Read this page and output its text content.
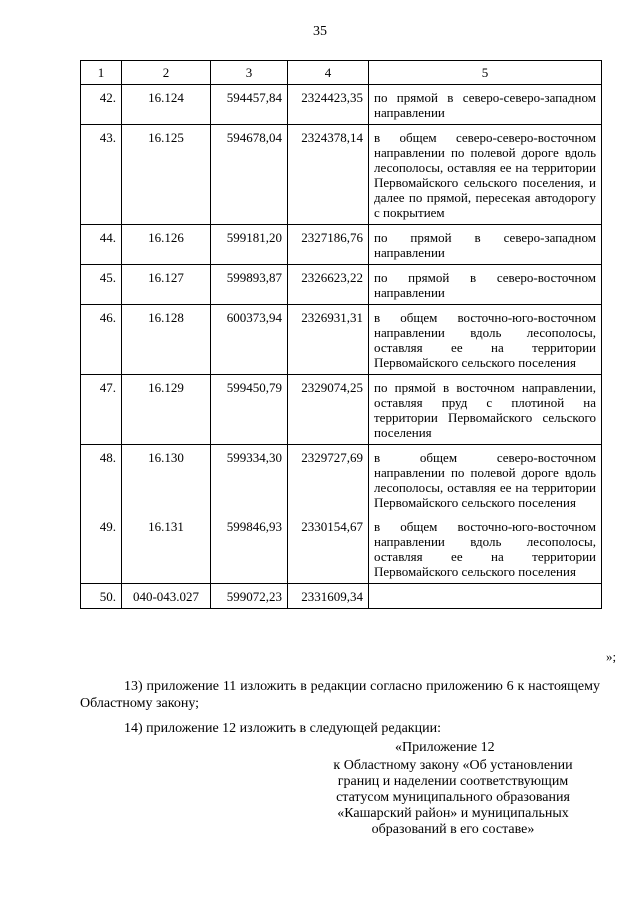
35
1	2	3	4	5
42.	16.124	594457,84	2324423,35	по прямой в северо-северо-западном направлении
43.	16.125	594678,04	2324378,14	в общем северо-северо-восточном направлении по полевой дороге вдоль лесополосы, оставляя ее на территории Первомайского сельского поселения, и далее по прямой, пересекая автодорогу с покрытием
44.	16.126	599181,20	2327186,76	по прямой в северо-западном направлении
45.	16.127	599893,87	2326623,22	по прямой в северо-восточном направлении
46.	16.128	600373,94	2326931,31	в общем восточно-юго-восточном направлении вдоль лесополосы, оставляя ее на территории Первомайского сельского поселения
47.	16.129	599450,79	2329074,25	по прямой в восточном направлении, оставляя пруд с плотиной на территории Первомайского сельского поселения
48.	16.130	599334,30	2329727,69	в общем северо-восточном направлении по полевой дороге вдоль лесополосы, оставляя ее на территории Первомайского сельского поселения
49.	16.131	599846,93	2330154,67	в общем восточно-юго-восточном направлении вдоль лесополосы, оставляя ее на территории Первомайского сельского поселения
50.	040-043.027	599072,23	2331609,34	
»;

13) приложение 11 изложить в редакции согласно приложению 6 к настоящему Областному закону;

14) приложение 12 изложить в следующей редакции:

«Приложение 12
к Областному закону «Об установлении
границ и наделении соответствующим
статусом муниципального образования
«Кашарский район» и муниципальных
образований в его составе»
